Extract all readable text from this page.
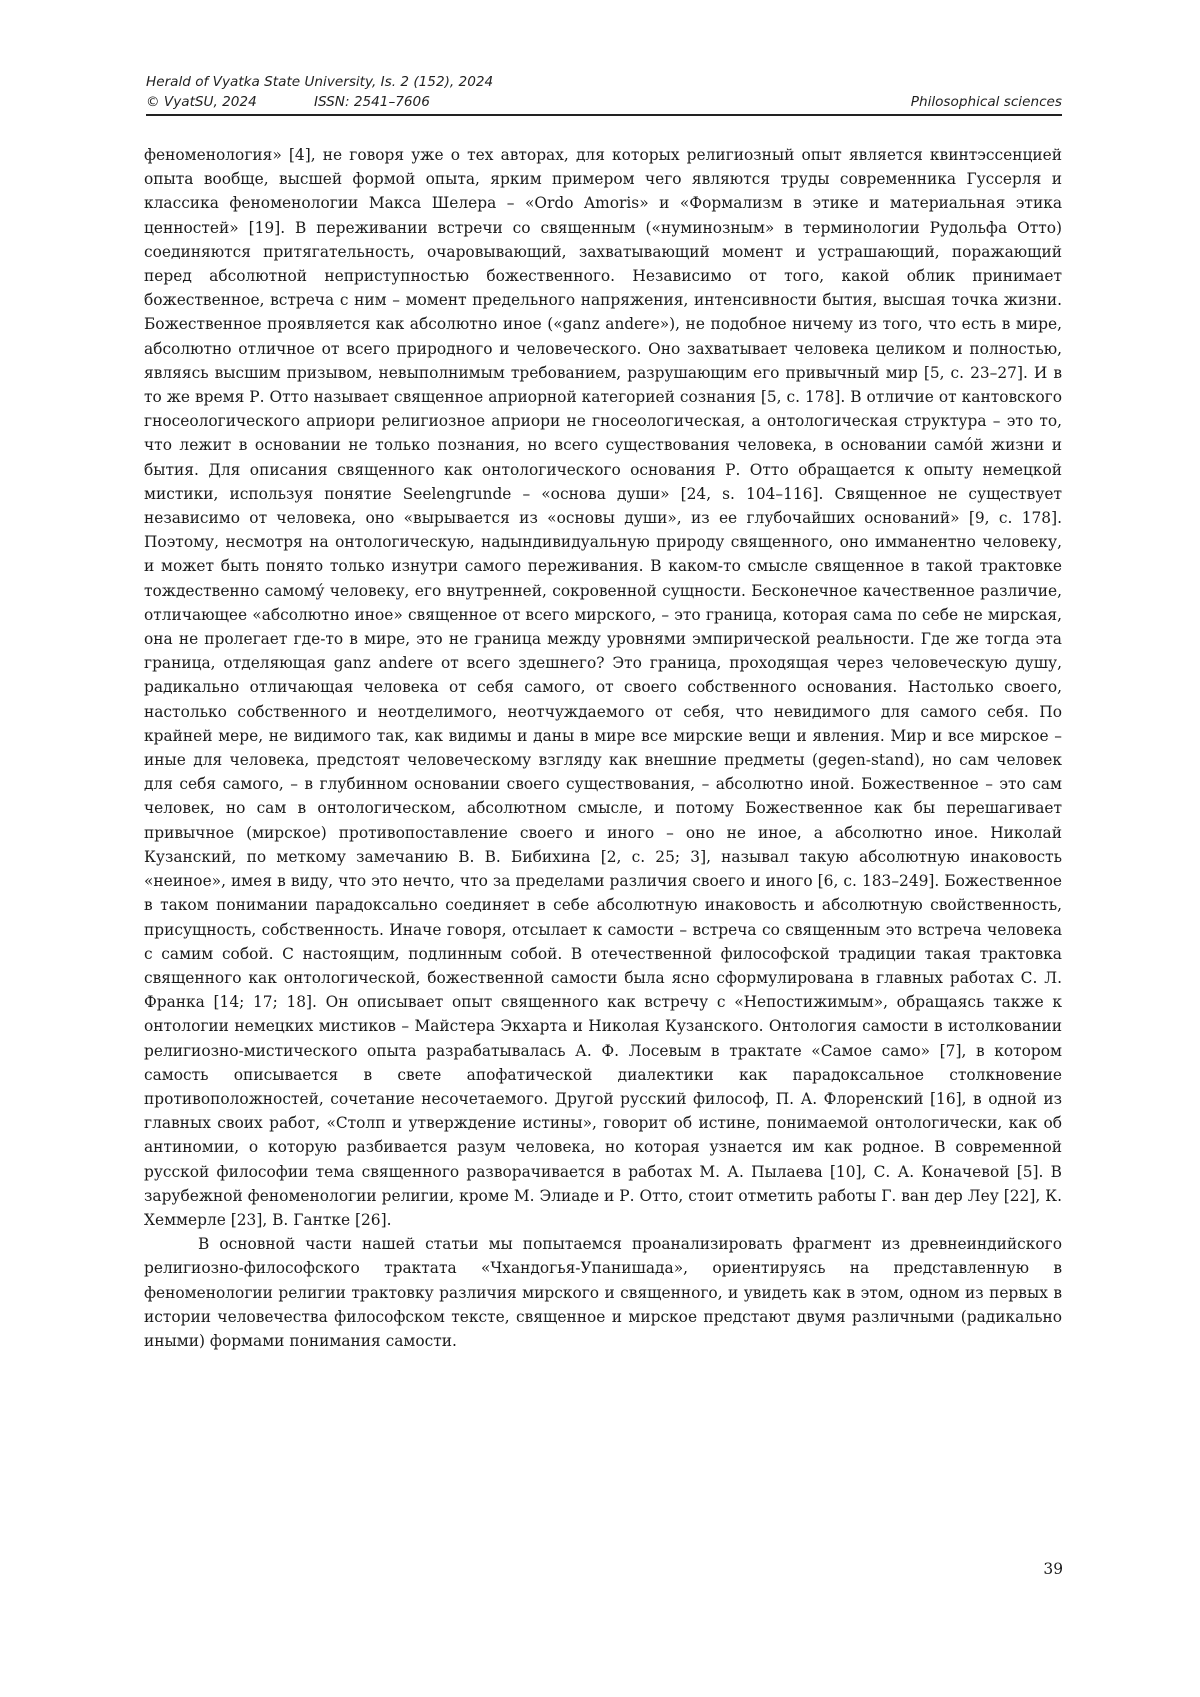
Herald of Vyatka State University, Is. 2 (152), 2024
© VyatSU, 2024	ISSN: 2541–7606	Philosophical sciences

феноменология» [4], не говоря уже о тех авторах, для которых религиозный опыт является квинтэссенцией опыта вообще, высшей формой опыта, ярким примером чего являются труды современника Гуссерля и классика феноменологии Макса Шелера – «Ordo Amoris» и «Формализм в этике и материальная этика ценностей» [19]. В переживании встречи со священным («нуминозным» в терминологии Рудольфа Отто) соединяются притягательность, очаровывающий, захватывающий момент и устрашающий, поражающий перед абсолютной неприступностью божественного. Независимо от того, какой облик принимает божественное, встреча с ним – момент предельного напряжения, интенсивности бытия, высшая точка жизни. Божественное проявляется как абсолютно иное («ganz andere»), не подобное ничему из того, что есть в мире, абсолютно отличное от всего природного и человеческого. Оно захватывает человека целиком и полностью, являясь высшим призывом, невыполнимым требованием, разрушающим его привычный мир [5, с. 23–27]. И в то же время Р. Отто называет священное априорной категорией сознания [5, с. 178]. В отличие от кантовского гносеологического априори религиозное априори не гносеологическая, а онтологическая структура – это то, что лежит в основании не только познания, но всего существования человека, в основании самóй жизни и бытия. Для описания священного как онтологического основания Р. Отто обращается к опыту немецкой мистики, используя понятие Seelengrunde – «основа души» [24, s. 104–116]. Священное не существует независимо от человека, оно «вырывается из «основы души», из ее глубочайших оснований» [9, с. 178]. Поэтому, несмотря на онтологическую, надындивидуальную природу священного, оно имманентно человеку, и может быть понято только изнутри самого переживания. В каком-то смысле священное в такой трактовке тождественно самомý человеку, его внутренней, сокровенной сущности. Бесконечное качественное различие, отличающее «абсолютно иное» священное от всего мирского, – это граница, которая сама по себе не мирская, она не пролегает где-то в мире, это не граница между уровнями эмпирической реальности. Где же тогда эта граница, отделяющая ganz andere от всего здешнего? Это граница, проходящая через человеческую душу, радикально отличающая человека от себя самого, от своего собственного основания. Настолько своего, настолько собственного и неотделимого, неотчуждаемого от себя, что невидимого для самого себя. По крайней мере, не видимого так, как видимы и даны в мире все мирские вещи и явления. Мир и все мирское – иные для человека, предстоят человеческому взгляду как внешние предметы (gegen-stand), но сам человек для себя самого, – в глубинном основании своего существования, – абсолютно иной. Божественное – это сам человек, но сам в онтологическом, абсолютном смысле, и потому Божественное как бы перешагивает привычное (мирское) противопоставление своего и иного – оно не иное, а абсолютно иное. Николай Кузанский, по меткому замечанию В. В. Бибихина [2, с. 25; 3], называл такую абсолютную инаковость «неиное», имея в виду, что это нечто, что за пределами различия своего и иного [6, с. 183–249]. Божественное в таком понимании парадоксально соединяет в себе абсолютную инаковость и абсолютную свойственность, присущность, собственность. Иначе говоря, отсылает к самости – встреча со священным это встреча человека с самим собой. С настоящим, подлинным собой. В отечественной философской традиции такая трактовка священного как онтологической, божественной самости была ясно сформулирована в главных работах С. Л. Франка [14; 17; 18]. Он описывает опыт священного как встречу с «Непостижимым», обращаясь также к онтологии немецких мистиков – Майстера Экхарта и Николая Кузанского. Онтология самости в истолковании религиозно-мистического опыта разрабатывалась А. Ф. Лосевым в трактате «Самое само» [7], в котором самость описывается в свете апофатической диалектики как парадоксальное столкновение противоположностей, сочетание несочетаемого. Другой русский философ, П. А. Флоренский [16], в одной из главных своих работ, «Столп и утверждение истины», говорит об истине, понимаемой онтологически, как об антиномии, о которую разбивается разум человека, но которая узнается им как родное. В современной русской философии тема священного разворачивается в работах М. А. Пылаева [10], С. А. Коначевой [5]. В зарубежной феноменологии религии, кроме М. Элиаде и Р. Отто, стоит отметить работы Г. ван дер Леу [22], К. Хеммерле [23], В. Гантке [26].

В основной части нашей статьи мы попытаемся проанализировать фрагмент из древнеиндийского религиозно-философского трактата «Чхандогья-Упанишада», ориентируясь на представленную в феноменологии религии трактовку различия мирского и священного, и увидеть как в этом, одном из первых в истории человечества философском тексте, священное и мирское предстают двумя различными (радикально иными) формами понимания самости.

39
